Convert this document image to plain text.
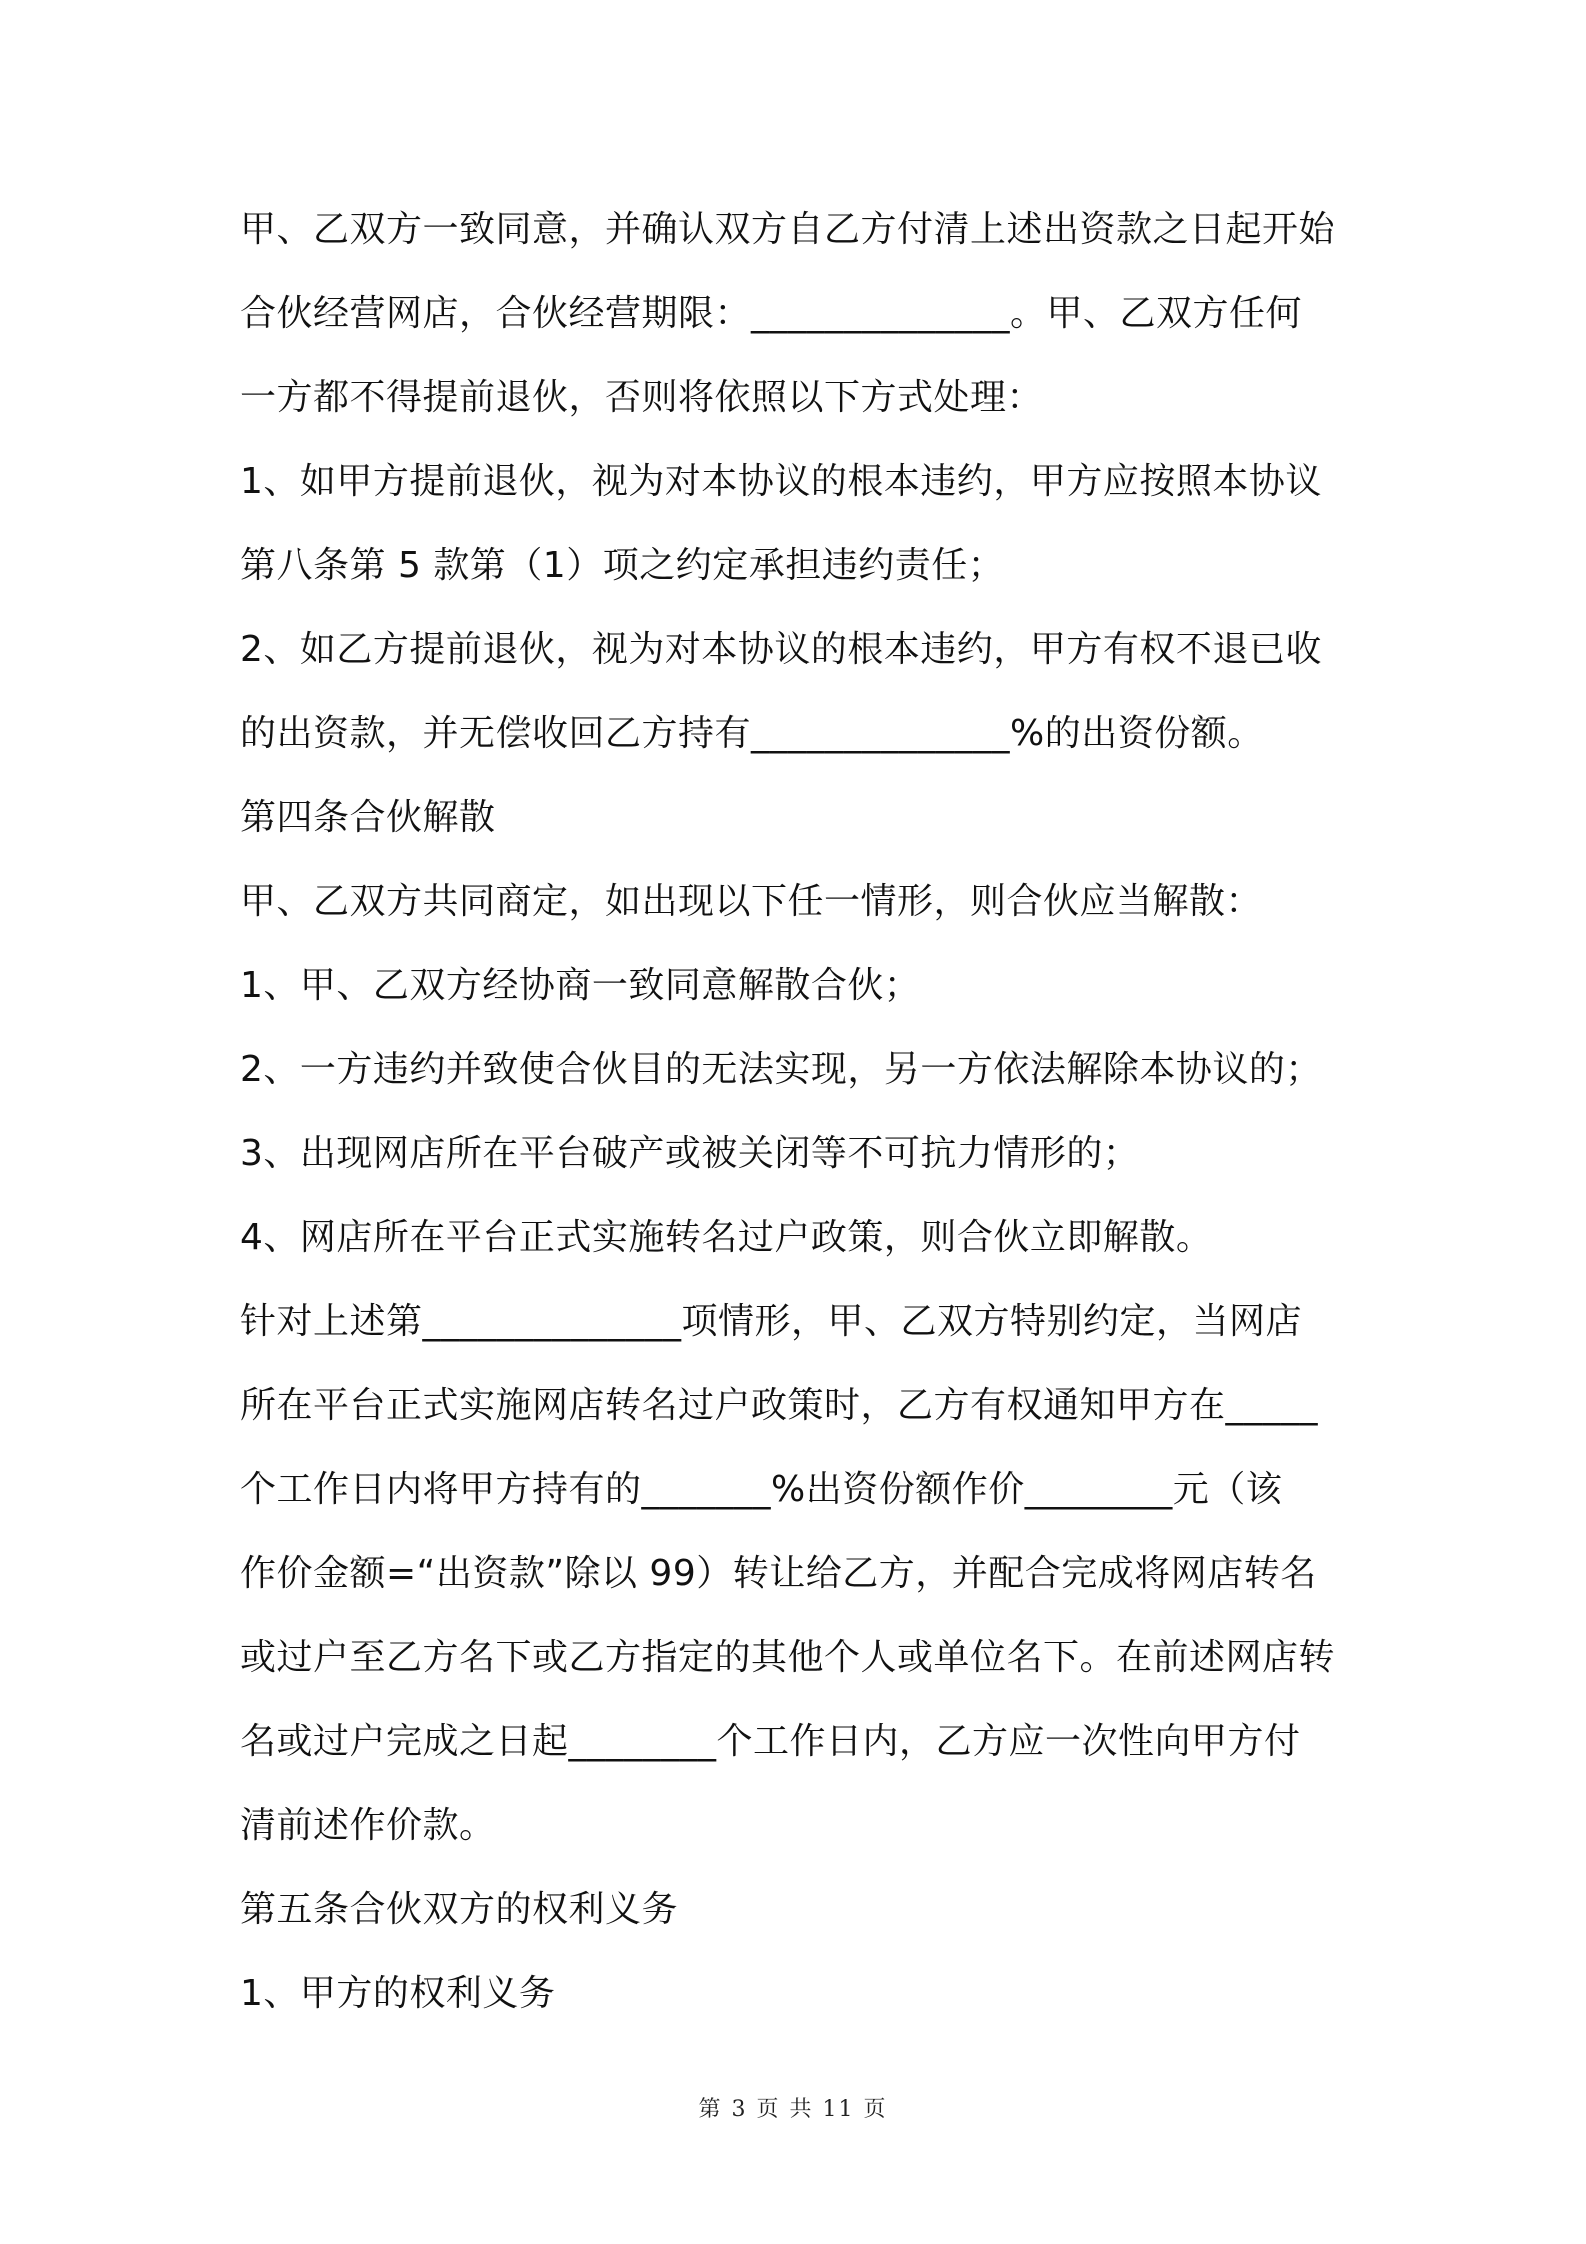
甲、乙双方一致同意，并确认双方自乙方付清上述出资款之日起开始
合伙经营网店，合伙经营期限：______________。甲、乙双方任何
一方都不得提前退伙，否则将依照以下方式处理：
1、如甲方提前退伙，视为对本协议的根本违约，甲方应按照本协议
第八条第 5 款第（1）项之约定承担违约责任；
2、如乙方提前退伙，视为对本协议的根本违约，甲方有权不退已收
的出资款，并无偿收回乙方持有______________%的出资份额。
第四条合伙解散
甲、乙双方共同商定，如出现以下任一情形，则合伙应当解散：
1、甲、乙双方经协商一致同意解散合伙；
2、一方违约并致使合伙目的无法实现，另一方依法解除本协议的；
3、出现网店所在平台破产或被关闭等不可抗力情形的；
4、网店所在平台正式实施转名过户政策，则合伙立即解散。
针对上述第______________项情形，甲、乙双方特别约定，当网店
所在平台正式实施网店转名过户政策时，乙方有权通知甲方在_____
个工作日内将甲方持有的_______%出资份额作价________元（该
作价金额=“出资款”除以 99）转让给乙方，并配合完成将网店转名
或过户至乙方名下或乙方指定的其他个人或单位名下。在前述网店转
名或过户完成之日起________个工作日内，乙方应一次性向甲方付
清前述作价款。
第五条合伙双方的权利义务
1、甲方的权利义务
第 3 页 共 11 页
